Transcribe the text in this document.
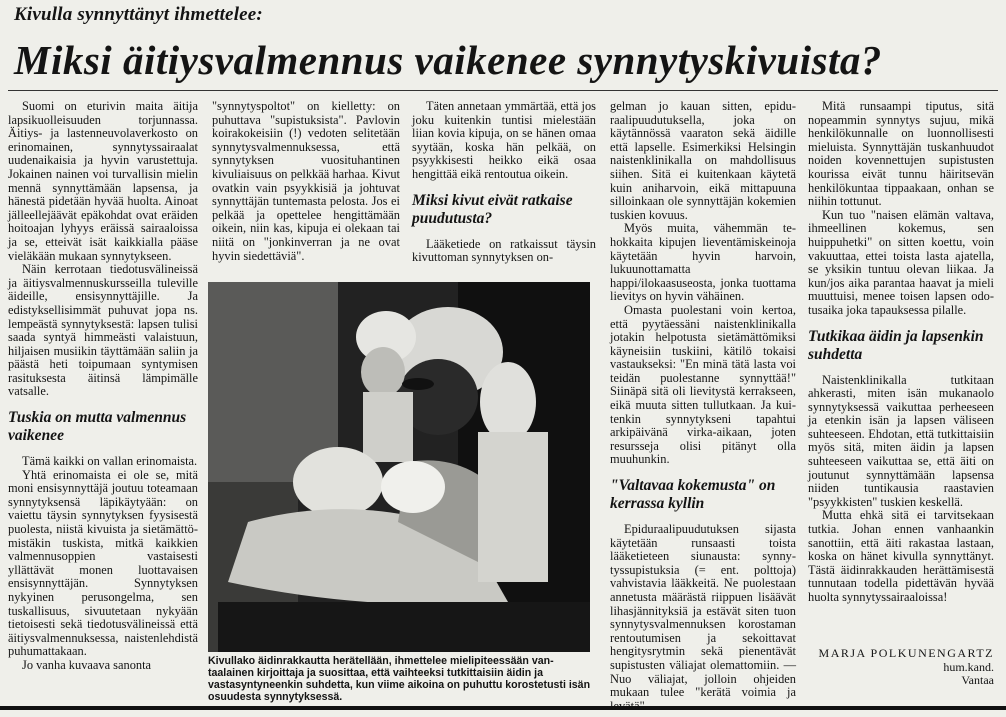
Kivulla synnyttänyt ihmettelee:
Miksi äitiysvalmennus vaikenee synnytyskivuista?

Suomi on eturivin maita äitija lapsikuolleisuuden torjunnassa. Äitiys- ja lastenneuvolaverkosto on erinomainen, synnytyssairaalat uudenaikaisia ja hyvin varustettuja. Jokainen nainen voi turvallisin mielin mennä synnyttämään lapsensa, ja hänestä pidetään hyvää huolta. Ainoat jälleellejäävät epäkohdat ovat eräiden hoitoajan lyhyys eräissä sairaaloissa ja se, etteivät isät kaikkialla pääse vieläkään mukaan synnytykseen.

Näin kerrotaan tiedotusvälineissä ja äitiysvalmennuskursseilla tuleville äideille, ensisynnyttäjille. Ja edistyksellisimmät puhuvat jopa ns. lempeästä synnytyksestä: lapsen tulisi saada syntyä himmeästi valaistuun, hiljaisen musiikin täyttämään saliin ja päästä heti toipumaan syntymisen rasituksesta äitinsä lämpimälle vatsalle.

Tuskia on mutta valmennus vaikenee

Tämä kaikki on vallan erinomaista.

Yhtä erinomaista ei ole se, mitä moni ensisynnyttäjä joutuu toteamaan synnytyksensä läpikäytyään: on vaiettu täysin synnytyksen fyysisestä puolesta, niistä kivuista ja sietämättömistäkin tuskista, mitkä kaikkien valmennusoppien vastaisesti yllättävät monen luottavaisen ensisynnyttäjän. Synnytyksen nykyinen perusongelma, sen tuskallisuus, sivuutetaan nykyään tietoisesti sekä tiedotusvälineissä että äitiysvalmennuksessa, naistenlehdistä puhumattakaan.

Jo vanha kuvaava sanonta

"synnytyspoltot" on kielletty: on puhuttava "supistuksista". Pavlovin koirakokeisiin (!) vedoten selitetään synnytysvalmennuksessa, että synnytyksen vuosituhantinen kivuliaisuus on pelkkää harhaa. Kivut ovatkin vain psyykkisiä ja johtuvat synnyttäjän tuntemasta pelosta. Jos ei pelkää ja opettelee hengittämään oikein, niin kas, kipuja ei olekaan tai niitä on "jonkinverran ja ne ovat hyvin siedettäviä".

Täten annetaan ymmärtää, että jos joku kuitenkin tuntisi mielestään liian kovia kipuja, on se hänen omaa syytään, koska hän pelkää, on psyykkisesti heikko eikä osaa hengittää eikä rentoutua oikein.

Miksi kivut eivät ratkaise puudutusta?

Lääketiede on ratkaissut täysin kivuttoman synnytyksen on-

gelman jo kauan sitten, epiduraalipuudutuksella, joka on käytännössä vaaraton sekä äidille että lapselle. Esimerkiksi Helsingin naistenklinikalla on mahdollisuus siihen. Sitä ei kuitenkaan käytetä kuin aniharvoin, eikä mittapuuna silloinkaan ole synnyttäjän kokemien tuskien kovuus.

Myös muita, vähemmän tehokkaita kipujen lieventämiskeinoja käytetään hyvin harvoin, lukuunottamatta happi/ilokaasuseosta, jonka tuottama lievitys on hyvin vähäinen.

Omasta puolestani voin kertoa, että pyytäessäni naistenklinikalla jotakin helpotusta sietämättömiksi käyneisiin tuskiini, kätilö tokaisi vastaukseksi: "En minä tätä lasta voi teidän puolestanne synnyttää!" Siinäpä sitä oli lievitystä kerrakseen, eikä muuta sitten tullutkaan. Ja kuitenkin synnytykseni tapahtui arkipäivänä virka-aikaan, joten resursseja olisi pitänyt olla muuhunkin.

"Valtavaa kokemusta" on kerrassa kyllin

Epiduraalipuudutuksen sijasta käytetään runsaasti toista lääketieteen siunausta: synnytyssupistuksia (= ent. polttoja) vahvistavia lääkkeitä. Ne puolestaan annetusta määrästä riippuen lisäävät lihasjännityksiä ja estävät siten tuon synnytysvalmennuksen korostaman rentoutumisen ja sekoittavat hengitysrytmin sekä pienentävät supistusten väliajat olemattomiin. — Nuo väliajat, jolloin ohjeiden mukaan tulee "kerätä voimia ja levätä".

Mitä runsaampi tiputus, sitä nopeammin synnytys sujuu, mikä henkilökunnalle on luonnollisesti mieluista. Synnyttäjän tuskanhuudot noiden kovennettujen supistusten kourissa eivät tunnu häiritsevän henkilökuntaa tippaakaan, onhan se niihin tottunut.

Kun tuo "naisen elämän valtava, ihmeellinen kokemus, sen huippuhetki" on sitten koettu, voin vakuuttaa, ettei toista lasta ajatella, se yksikin tuntuu olevan liikaa. Ja kun/jos aika parantaa haavat ja mieli muuttuisi, menee toisen lapsen odotusaika joka tapauksessa pilalle.

Tutkikaa äidin ja lapsenkin suhdetta

Naistenklinikalla tutkitaan ahkerasti, miten isän mukanaolo synnytyksessä vaikuttaa perheeseen ja etenkin isän ja lapsen väliseen suhteeseen. Ehdotan, että tutkittaisiin myös sitä, miten äidin ja lapsen suhteeseen vaikuttaa se, että äiti on joutunut synnyttämään lapsensa niiden tuntikausia raastavien "psyykkisten" tuskien keskellä.

Mutta ehkä sitä ei tarvitsekaan tutkia. Johan ennen vanhaankin sanottiin, että äiti rakastaa lastaan, koska on hänet kivulla synnyttänyt. Tästä äidinrakkauden herättämisestä tunnutaan todella pidettävän hyvää huolta synnytyssairaaloissa!

Kivullako äidinrakkautta herätellään, ihmettelee mielipiteessään vantaalainen kirjoittaja ja suosittaa, että vaihteeksi tutkittaisiin äidin ja vastasyntyneenkin suhdetta, kun viime aikoina on puhuttu korostetusti isän osuudesta synnytyksessä.
MARJA POLKUNENGARTZ
hum.kand.
Vantaa
